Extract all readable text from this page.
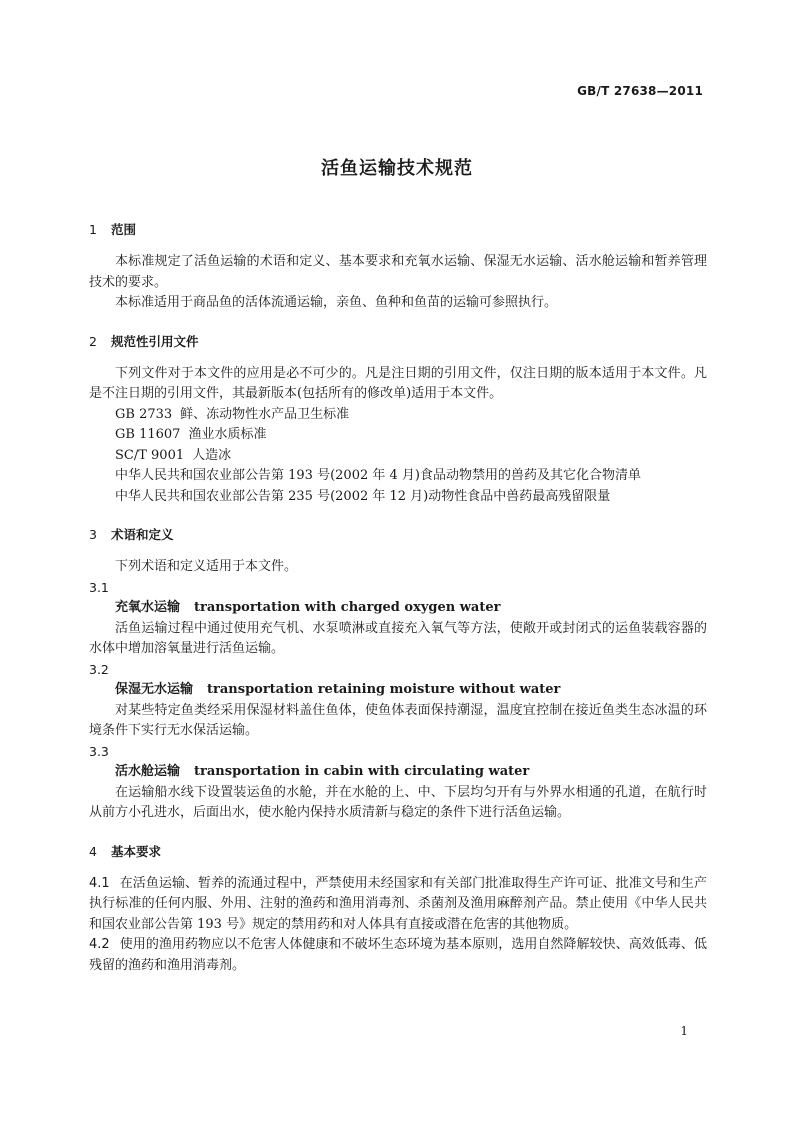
GB/T 27638—2011
活鱼运输技术规范
1 范围

本标准规定了活鱼运输的术语和定义、基本要求和充氧水运输、保湿无水运输、活水舱运输和暂养管理技术的要求。

本标准适用于商品鱼的活体流通运输，亲鱼、鱼种和鱼苗的运输可参照执行。

2 规范性引用文件

下列文件对于本文件的应用是必不可少的。凡是注日期的引用文件，仅注日期的版本适用于本文件。凡是不注日期的引用文件，其最新版本(包括所有的修改单)适用于本文件。

GB 2733 鲜、冻动物性水产品卫生标准

GB 11607 渔业水质标准

SC/T 9001 人造冰

中华人民共和国农业部公告第 193 号(2002 年 4 月)食品动物禁用的兽药及其它化合物清单

中华人民共和国农业部公告第 235 号(2002 年 12 月)动物性食品中兽药最高残留限量

3 术语和定义

下列术语和定义适用于本文件。

3.1

充氧水运输 transportation with charged oxygen water

活鱼运输过程中通过使用充气机、水泵喷淋或直接充入氧气等方法，使敞开或封闭式的运鱼装载容器的水体中增加溶氧量进行活鱼运输。

3.2

保湿无水运输 transportation retaining moisture without water

对某些特定鱼类经采用保湿材料盖住鱼体，使鱼体表面保持潮湿，温度宜控制在接近鱼类生态冰温的环境条件下实行无水保活运输。

3.3

活水舱运输 transportation in cabin with circulating water

在运输船水线下设置装运鱼的水舱，并在水舱的上、中、下层均匀开有与外界水相通的孔道，在航行时从前方小孔进水，后面出水，使水舱内保持水质清新与稳定的条件下进行活鱼运输。

4 基本要求

4.1 在活鱼运输、暂养的流通过程中，严禁使用未经国家和有关部门批准取得生产许可证、批准文号和生产执行标准的任何内服、外用、注射的渔药和渔用消毒剂、杀菌剂及渔用麻醉剂产品。禁止使用《中华人民共和国农业部公告第 193 号》规定的禁用药和对人体具有直接或潜在危害的其他物质。

4.2 使用的渔用药物应以不危害人体健康和不破坏生态环境为基本原则，选用自然降解较快、高效低毒、低残留的渔药和渔用消毒剂。

1
